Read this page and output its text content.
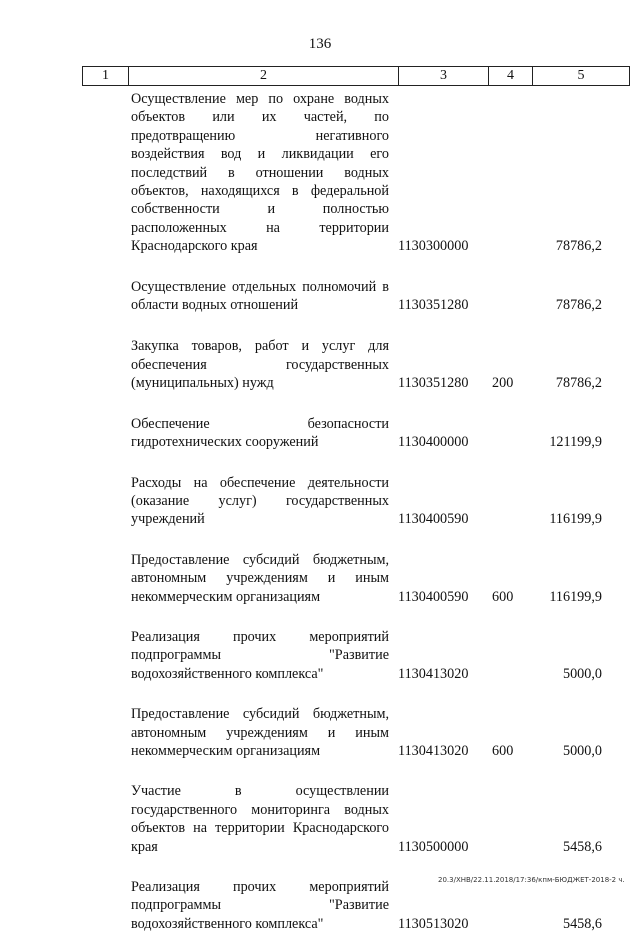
136
1	2	3	4	5
Осуществление мер по охране водных объектов или их частей, по предотвращению негативного воздействия вод и ликвидации его последствий в отношении водных объектов, находящихся в федеральной собственности и полностью расположенных на территории Краснодарского края	1130300000	78786,2
Осуществление отдельных полномочий в области водных отношений	1130351280	78786,2
Закупка товаров, работ и услуг для обеспечения государственных (муниципальных) нужд	1130351280 200	78786,2
Обеспечение безопасности гидротехнических сооружений	1130400000	121199,9
Расходы на обеспечение деятельности (оказание услуг) государственных учреждений	1130400590	116199,9
Предоставление субсидий бюджетным, автономным учреждениям и иным некоммерческим организациям	1130400590 600	116199,9
Реализация прочих мероприятий подпрограммы "Развитие водохозяйственного комплекса"	1130413020	5000,0
Предоставление субсидий бюджетным, автономным учреждениям и иным некоммерческим организациям	1130413020 600	5000,0
Участие в осуществлении государственного мониторинга водных объектов на территории Краснодарского края	1130500000	5458,6
Реализация прочих мероприятий подпрограммы "Развитие водохозяйственного комплекса"	1130513020	5458,6
20.3/ХНВ/22.11.2018/17:36/кпм-БЮДЖЕТ-2018-2 ч.
